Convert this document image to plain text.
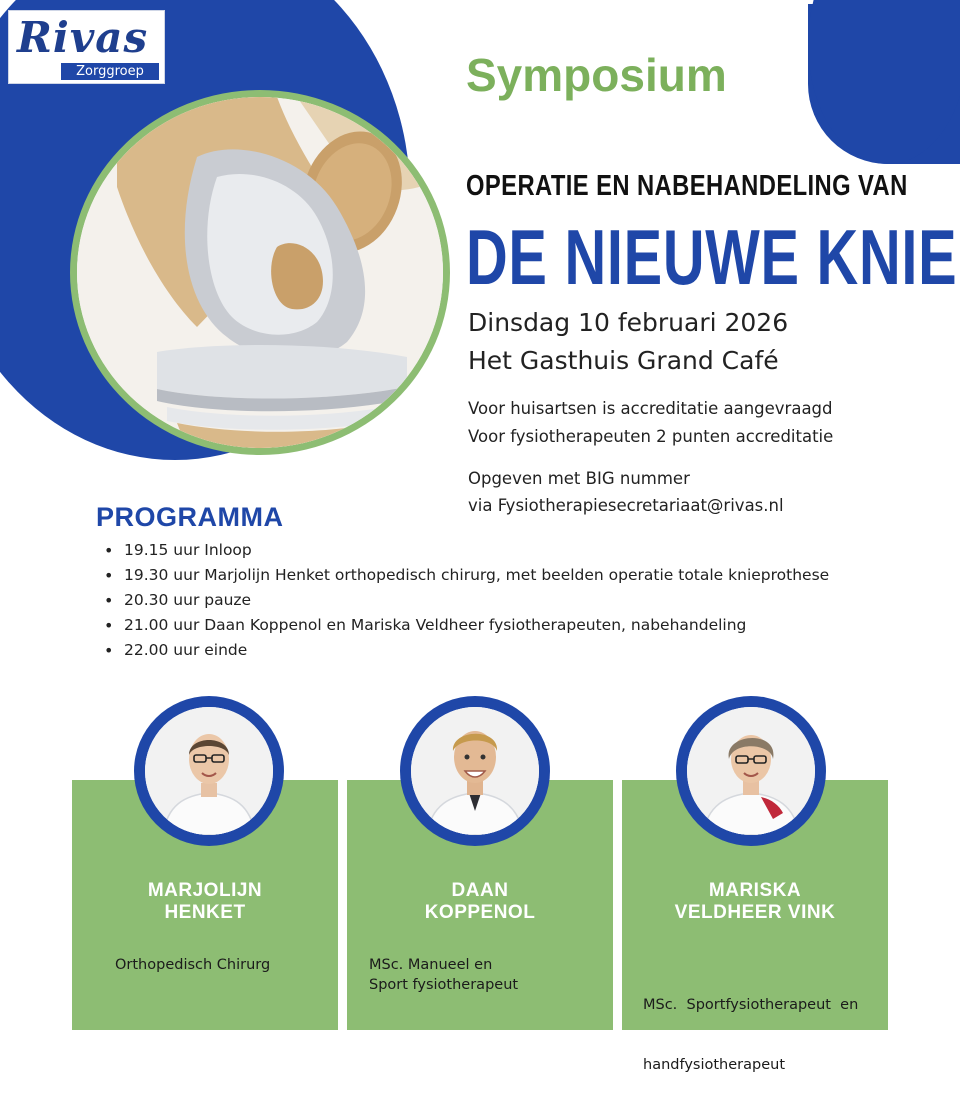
Rivas
Zorggroep	Symposium
OPERATIE EN NABEHANDELING VAN
DE NIEUWE KNIE
Dinsdag 10 februari 2026
Het Gasthuis Grand Café
Voor huisartsen is accreditatie aangevraagd
Voor fysiotherapeuten 2 punten accreditatie
Opgeven met BIG nummer
via Fysiotherapiesecretariaat@rivas.nl
PROGRAMMA
• 19.15 uur Inloop
• 19.30 uur Marjolijn Henket orthopedisch chirurg, met beelden operatie totale knieprothese
• 20.30 uur pauze
• 21.00 uur Daan Koppenol en Mariska Veldheer fysiotherapeuten, nabehandeling
• 22.00 uur einde
MARJOLIJN
HENKET
DAAN
KOPPENOL
MARISKA
VELDHEER VINK
Orthopedisch Chirurg	MSc. Manueel en
Sport fysiotherapeut

MSc.  Sportfysiotherapeut  en

handfysiotherapeut
